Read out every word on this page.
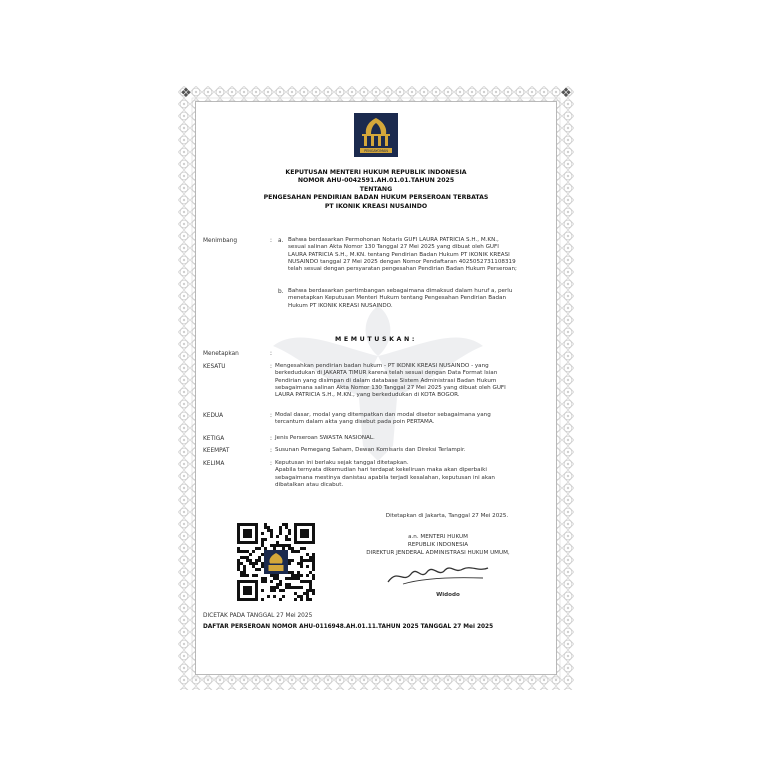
❖	❖
PENGAYOMAN
KEPUTUSAN MENTERI HUKUM REPUBLIK INDONESIA
NOMOR AHU-0042591.AH.01.01.TAHUN 2025
TENTANG
PENGESAHAN PENDIRIAN BADAN HUKUM PERSEROAN TERBATAS
PT IKONIK KREASI NUSAINDO
Menimbang	: a. Bahwa berdasarkan Permohonan Notaris GUFI LAURA PATRICIA S.H., M.KN.,
sesuai salinan Akta Nomor 130 Tanggal 27 Mei 2025 yang dibuat oleh GUFI
LAURA PATRICIA S.H., M.KN. tentang Pendirian Badan Hukum PT IKONIK KREASI
NUSAINDO tanggal 27 Mei 2025 dengan Nomor Pendaftaran 4025052731108319
telah sesuai dengan persyaratan pengesahan Pendirian Badan Hukum Perseroan;
b. Bahwa berdasarkan pertimbangan sebagaimana dimaksud dalam huruf a, perlu
menetapkan Keputusan Menteri Hukum tentang Pengesahan Pendirian Badan
Hukum PT IKONIK KREASI NUSAINDO.
MEMUTUSKAN:
Menetapkan	:
KESATU	: Mengesahkan pendirian badan hukum - PT IKONIK KREASI NUSAINDO - yang
berkedudukan di JAKARTA TIMUR karena telah sesuai dengan Data Format Isian
Pendirian yang disimpan di dalam database Sistem Administrasi Badan Hukum
sebagaimana salinan Akta Nomor 130 Tanggal 27 Mei 2025 yang dibuat oleh GUFI
LAURA PATRICIA S.H., M.KN., yang berkedudukan di KOTA BOGOR.
KEDUA	: Modal dasar, modal yang ditempatkan dan modal disetor sebagaimana yang
tercantum dalam akta yang disebut pada poin PERTAMA.
KETIGA	: Jenis Perseroan SWASTA NASIONAL.
KEEMPAT	: Susunan Pemegang Saham, Dewan Komisaris dan Direksi Terlampir.
KELIMA	: Keputusan ini berlaku sejak tanggal ditetapkan.
Apabila ternyata dikemudian hari terdapat kekeliruan maka akan diperbaiki
sebagaimana mestinya danistau apabila terjadi kesalahan, keputusan ini akan
dibatalkan atau dicabut.
Ditetapkan di Jakarta, Tanggal 27 Mei 2025.
a.n. MENTERI HUKUM
REPUBLIK INDONESIA
DIREKTUR JENDERAL ADMINISTRASI HUKUM UMUM,
Widodo
DICETAK PADA TANGGAL 27 Mei 2025
DAFTAR PERSEROAN NOMOR AHU-0116948.AH.01.11.TAHUN 2025 TANGGAL 27 Mei 2025
